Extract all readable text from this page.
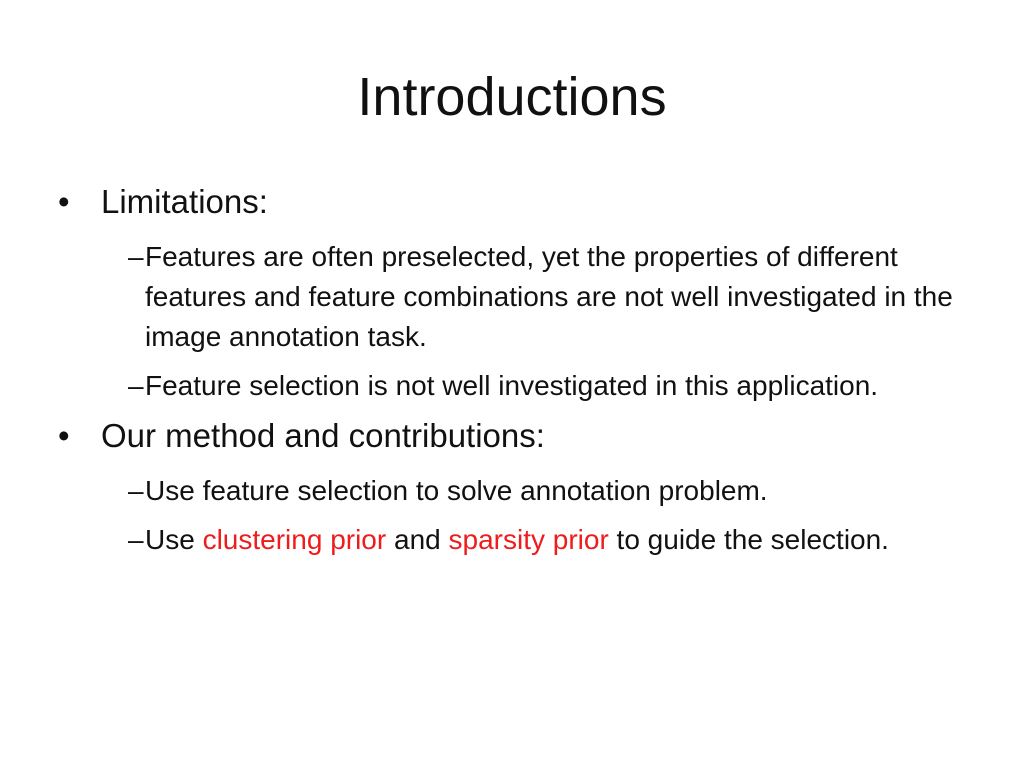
Introductions
• Limitations:
– Features are often preselected, yet the properties of different features and feature combinations are not well investigated in the image annotation task.
– Feature selection is not well investigated in this application.
• Our method and contributions:
– Use feature selection to solve annotation problem.
– Use clustering prior and sparsity prior to guide the selection.
